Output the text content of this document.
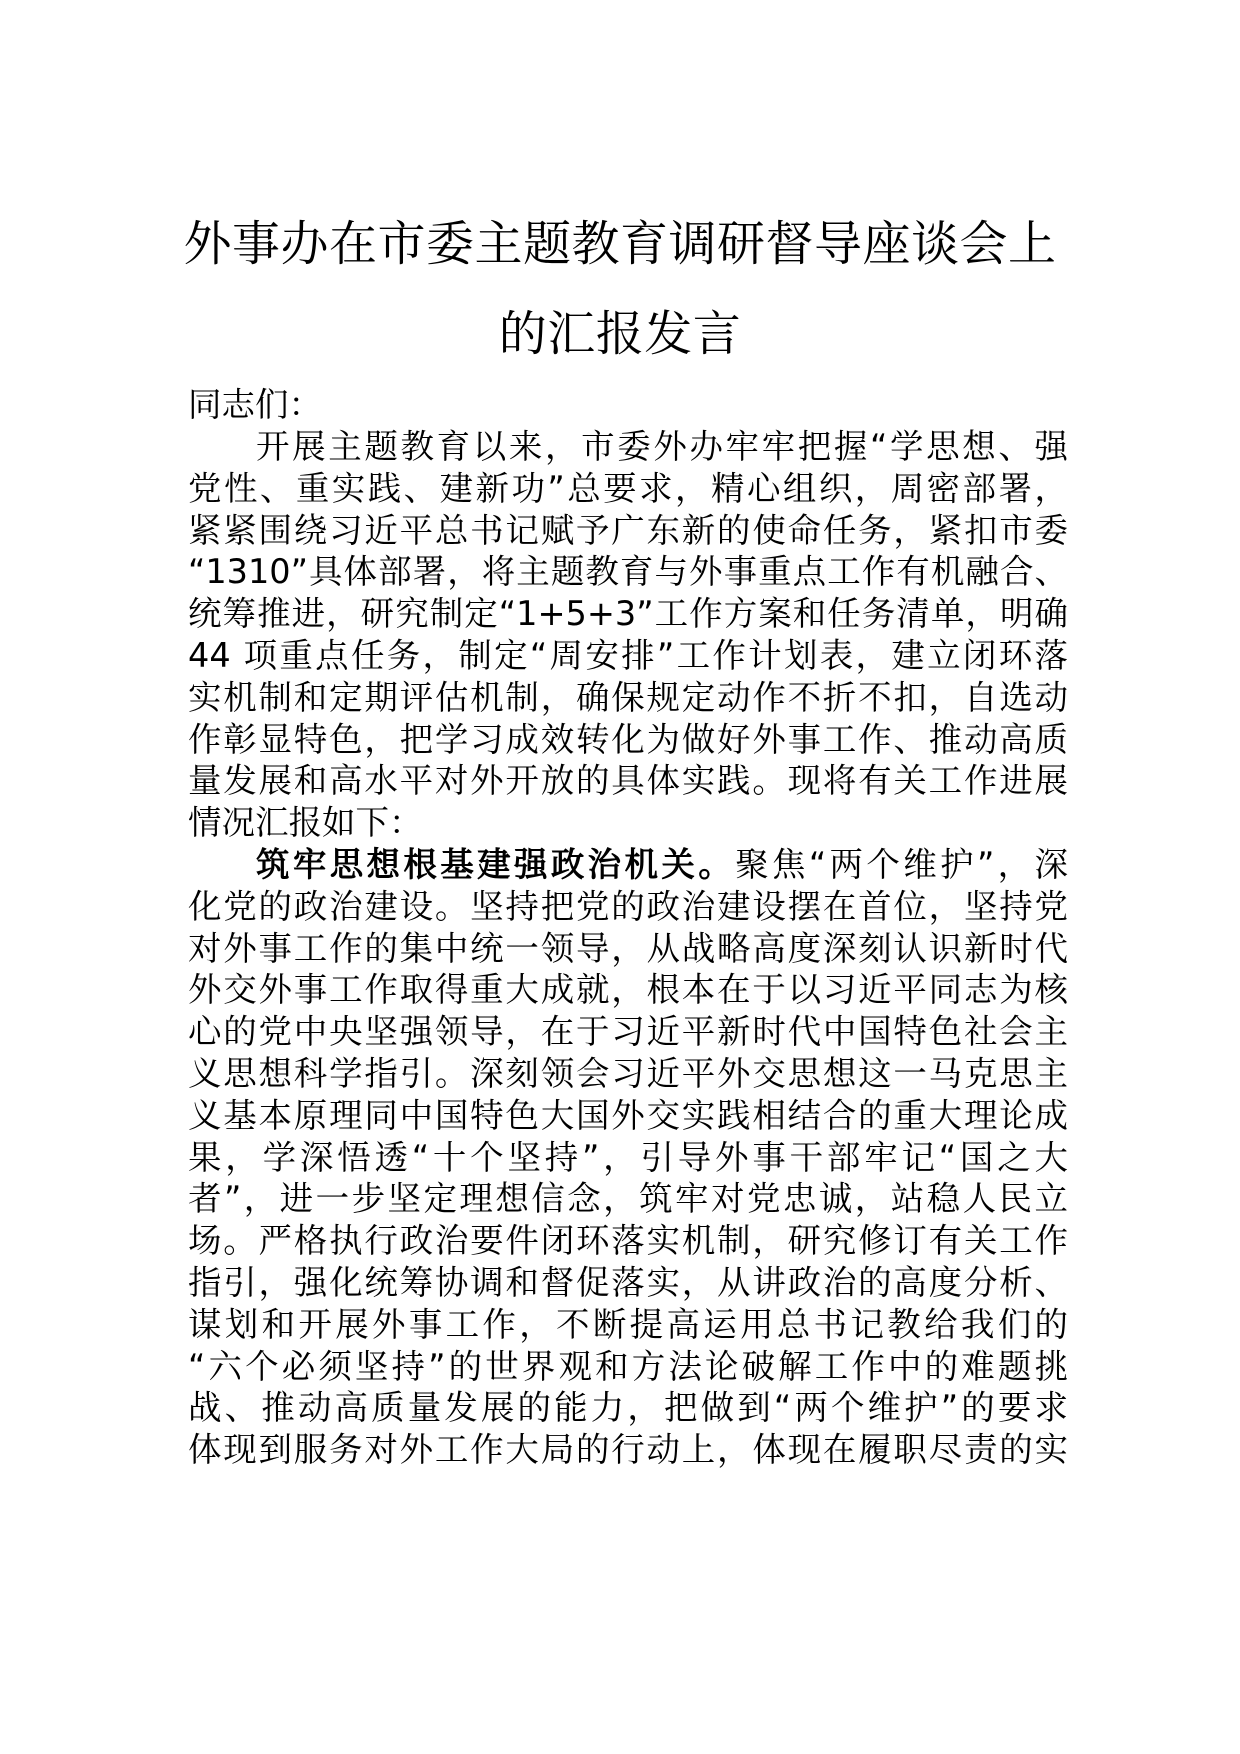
外事办在市委主题教育调研督导座谈会上
的汇报发言
同志们：
开展主题教育以来，市委外办牢牢把握“学思想、强
党性、重实践、建新功”总要求，精心组织，周密部署，
紧紧围绕习近平总书记赋予广东新的使命任务，紧扣市委
“1310”具体部署，将主题教育与外事重点工作有机融合、
统筹推进，研究制定“1+5+3”工作方案和任务清单，明确
44 项重点任务，制定“周安排”工作计划表，建立闭环落
实机制和定期评估机制，确保规定动作不折不扣，自选动
作彰显特色，把学习成效转化为做好外事工作、推动高质
量发展和高水平对外开放的具体实践。现将有关工作进展
情况汇报如下：
筑牢思想根基建强政治机关。聚焦“两个维护”，深
化党的政治建设。坚持把党的政治建设摆在首位，坚持党
对外事工作的集中统一领导，从战略高度深刻认识新时代
外交外事工作取得重大成就，根本在于以习近平同志为核
心的党中央坚强领导，在于习近平新时代中国特色社会主
义思想科学指引。深刻领会习近平外交思想这一马克思主
义基本原理同中国特色大国外交实践相结合的重大理论成
果，学深悟透“十个坚持”，引导外事干部牢记“国之大
者”，进一步坚定理想信念，筑牢对党忠诚，站稳人民立
场。严格执行政治要件闭环落实机制，研究修订有关工作
指引，强化统筹协调和督促落实，从讲政治的高度分析、
谋划和开展外事工作，不断提高运用总书记教给我们的
“六个必须坚持”的世界观和方法论破解工作中的难题挑
战、推动高质量发展的能力，把做到“两个维护”的要求
体现到服务对外工作大局的行动上，体现在履职尽责的实
